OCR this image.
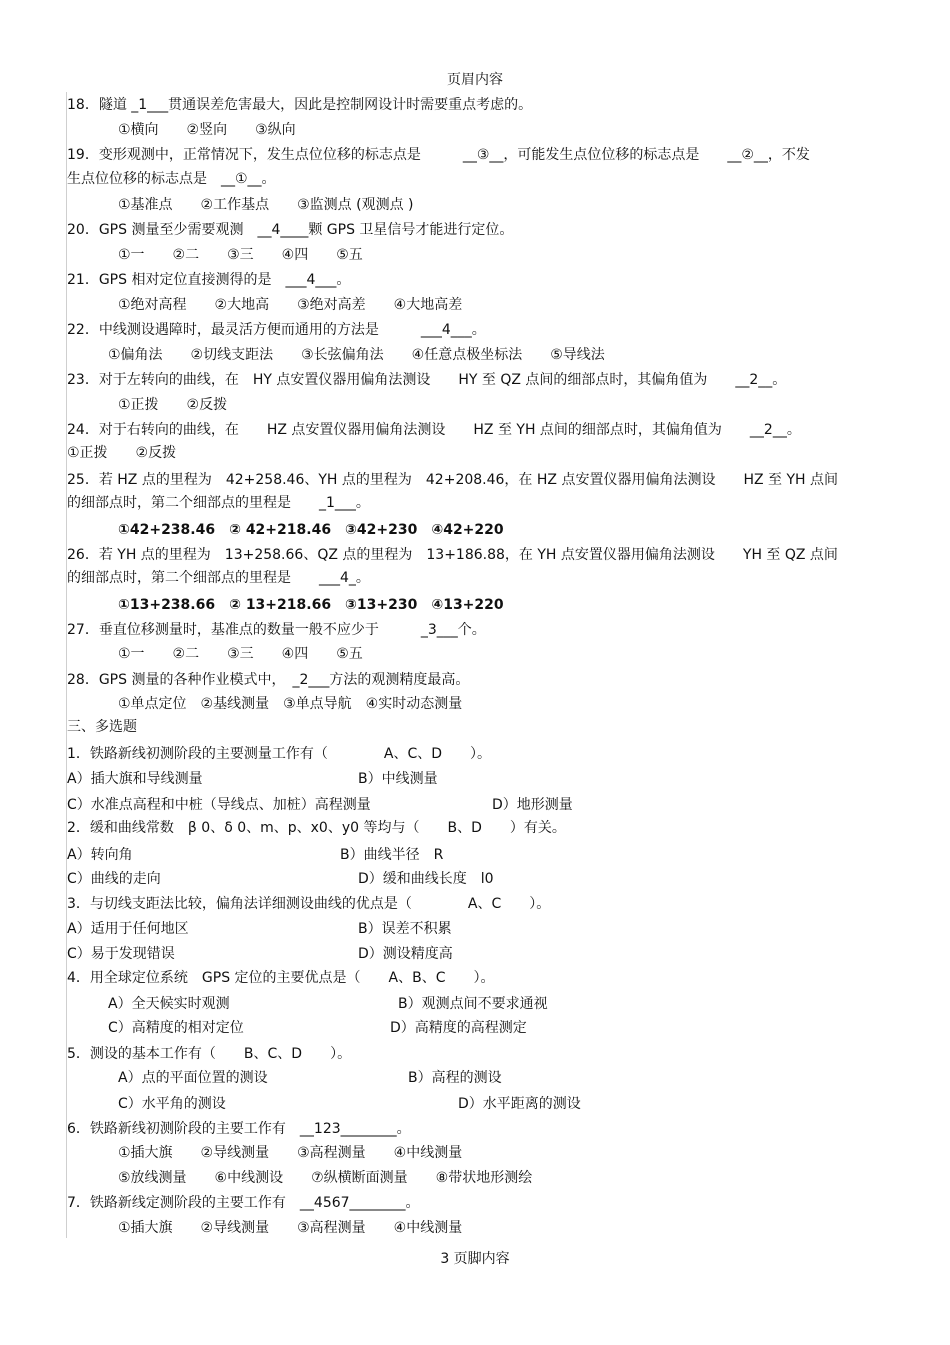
页眉内容
18．隧道 _1___贯通误差危害最大，因此是控制网设计时需要重点考虑的。
①横向　　②竖向　　③纵向
19．变形观测中，正常情况下，发生点位位移的标志点是　　　__③__，可能发生点位位移的标志点是　　__②__，不发
生点位位移的标志点是　__①__。
①基准点　　②工作基点　　③监测点 (观测点 )
20．GPS 测量至少需要观测　__4____颗 GPS 卫星信号才能进行定位。
①一　　②二　　③三　　④四　　⑤五
21．GPS 相对定位直接测得的是　___4___。
①绝对高程　　②大地高　　③绝对高差　　④大地高差
22．中线测设遇障时，最灵活方便而通用的方法是　　　___4___。
①偏角法　　②切线支距法　　③长弦偏角法　　④任意点极坐标法　　⑤导线法
23．对于左转向的曲线，在　HY 点安置仪器用偏角法测设　　HY 至 QZ 点间的细部点时，其偏角值为　　__2__。
①正拨　　②反拨
24．对于右转向的曲线，在　　HZ 点安置仪器用偏角法测设　　HZ 至 YH 点间的细部点时，其偏角值为　　__2__。
①正拨　　②反拨
25．若 HZ 点的里程为　42+258.46、YH 点的里程为　42+208.46，在 HZ 点安置仪器用偏角法测设　　HZ 至 YH 点间
的细部点时，第二个细部点的里程是　　_1___。
①42+238.46　② 42+218.46　③42+230　④42+220
26．若 YH 点的里程为　13+258.66、QZ 点的里程为　13+186.88，在 YH 点安置仪器用偏角法测设　　YH 至 QZ 点间
的细部点时，第二个细部点的里程是　　___4_。
①13+238.66　② 13+218.66　③13+230　④13+220
27．垂直位移测量时，基准点的数量一般不应少于　　　_3___个。
①一　　②二　　③三　　④四　　⑤五
28．GPS 测量的各种作业模式中，　_2___方法的观测精度最高。
①单点定位　②基线测量　③单点导航　④实时动态测量
三、多选题
1．铁路新线初测阶段的主要测量工作有（　　　　A、C、D　　）。
A）插大旗和导线测量	B）中线测量
C）水准点高程和中桩（导线点、加桩）高程测量	D）地形测量
2．缓和曲线常数　β 0、δ 0、m、p、x0、y0 等均与（　　B、D　　）有关。
A）转向角	B）曲线半径　R
C）曲线的走向	D）缓和曲线长度　l0
3．与切线支距法比较，偏角法详细测设曲线的优点是（　　　　A、C　　）。
A）适用于任何地区	B）误差不积累
C）易于发现错误	D）测设精度高
4．用全球定位系统　GPS 定位的主要优点是（　　A、B、C　　）。
A）全天候实时观测	B）观测点间不要求通视
C）高精度的相对定位	D）高精度的高程测定
5．测设的基本工作有（　　B、C、D　　）。
A）点的平面位置的测设	B）高程的测设
C）水平角的测设	D）水平距离的测设
6．铁路新线初测阶段的主要工作有　__123________。
①插大旗　　②导线测量　　③高程测量　　④中线测量
⑤放线测量　　⑥中线测设　　⑦纵横断面测量　　⑧带状地形测绘
7．铁路新线定测阶段的主要工作有　__4567________。
①插大旗　　②导线测量　　③高程测量　　④中线测量
3 页脚内容
